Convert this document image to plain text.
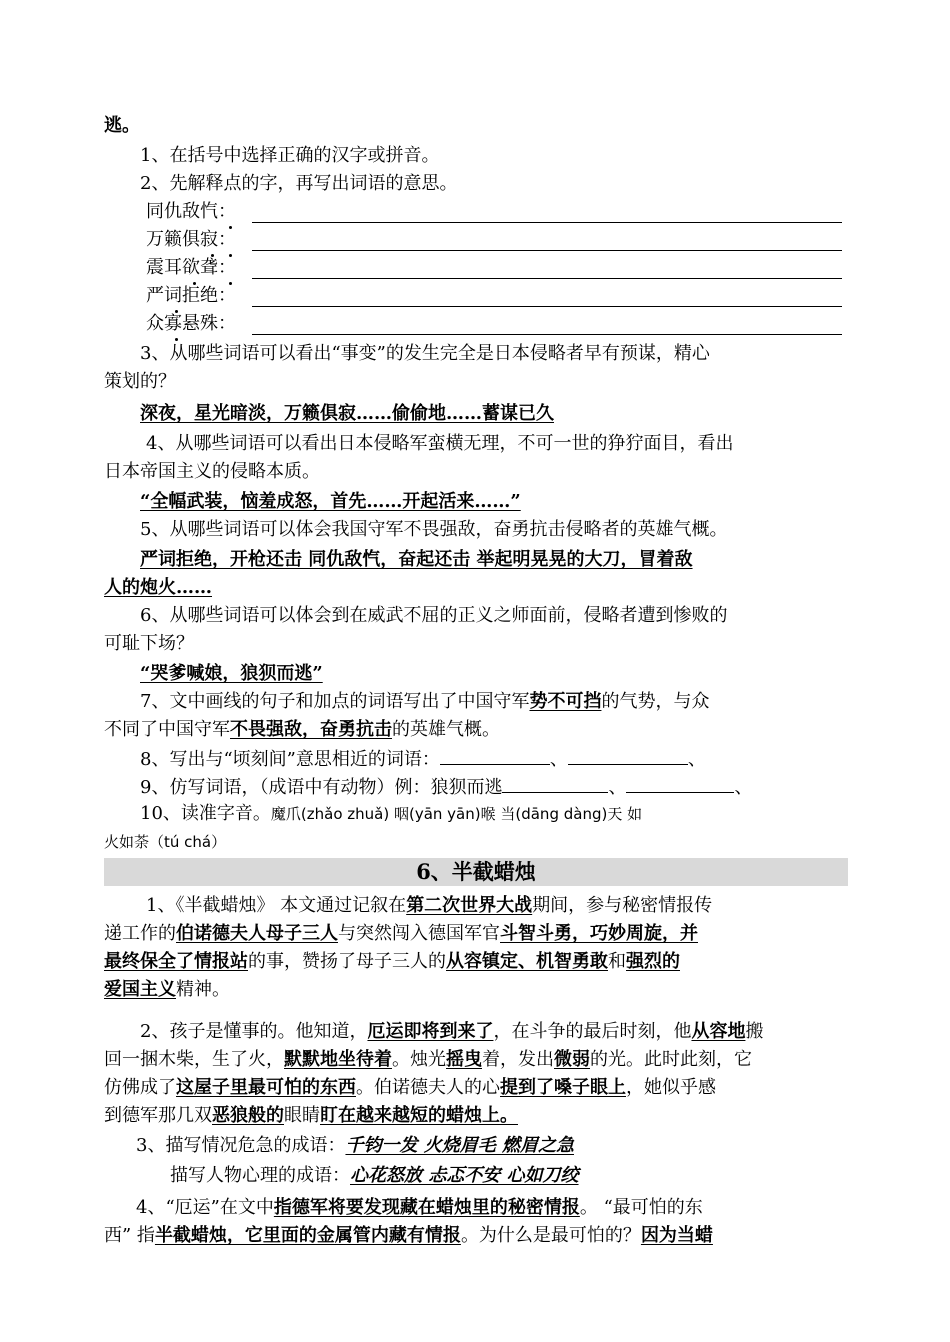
逃。
1、在括号中选择正确的汉字或拼音。
2、先解释点的字，再写出词语的意思。
同仇敌忾：
万籁俱寂：
震耳欲聋：
严词拒绝：
众寡悬殊：
3、从哪些词语可以看出“事变”的发生完全是日本侵略者早有预谋，精心
策划的？
深夜，星光暗淡，万籁俱寂……偷偷地……蓄谋已久
4、从哪些词语可以看出日本侵略军蛮横无理，不可一世的狰狞面目，看出
日本帝国主义的侵略本质。
“全幅武装，恼羞成怒，首先……开起活来……”
5、从哪些词语可以体会我国守军不畏强敌，奋勇抗击侵略者的英雄气概。
严词拒绝，开枪还击 同仇敌忾，奋起还击 举起明晃晃的大刀，冒着敌
人的炮火……
6、从哪些词语可以体会到在威武不屈的正义之师面前，侵略者遭到惨败的
可耻下场？
“哭爹喊娘，狼狈而逃”
7、文中画线的句子和加点的词语写出了中国守军势不可挡的气势，与众
不同了中国守军不畏强敌，奋勇抗击的英雄气概。
8、写出与“顷刻间”意思相近的词语：	、	、
9、仿写词语，（成语中有动物）例：狼狈而逃	、	、
10、读准字音。魔爪(zhǎo zhuǎ) 咽(yān yān)喉 当(dāng dàng)天 如
火如荼（tú chá）
6、半截蜡烛
1、《半截蜡烛》 本文通过记叙在第二次世界大战期间，参与秘密情报传
递工作的伯诺德夫人母子三人与突然闯入德国军官斗智斗勇，巧妙周旋，并
最终保全了情报站的事，赞扬了母子三人的从容镇定、机智勇敢和强烈的
爱国主义精神。
2、孩子是懂事的。他知道，厄运即将到来了，在斗争的最后时刻，他从容地搬
回一捆木柴，生了火，默默地坐待着。烛光摇曳着，发出微弱的光。此时此刻，它
仿佛成了这屋子里最可怕的东西。伯诺德夫人的心提到了嗓子眼上，她似乎感
到德军那几双恶狼般的眼睛盯在越来越短的蜡烛上。
3、描写情况危急的成语：千钧一发 火烧眉毛 燃眉之急
描写人物心理的成语：心花怒放 忐忑不安 心如刀绞
4、“厄运”在文中指德军将要发现藏在蜡烛里的秘密情报。 “最可怕的东
西” 指半截蜡烛，它里面的金属管内藏有情报。为什么是最可怕的？因为当蜡
